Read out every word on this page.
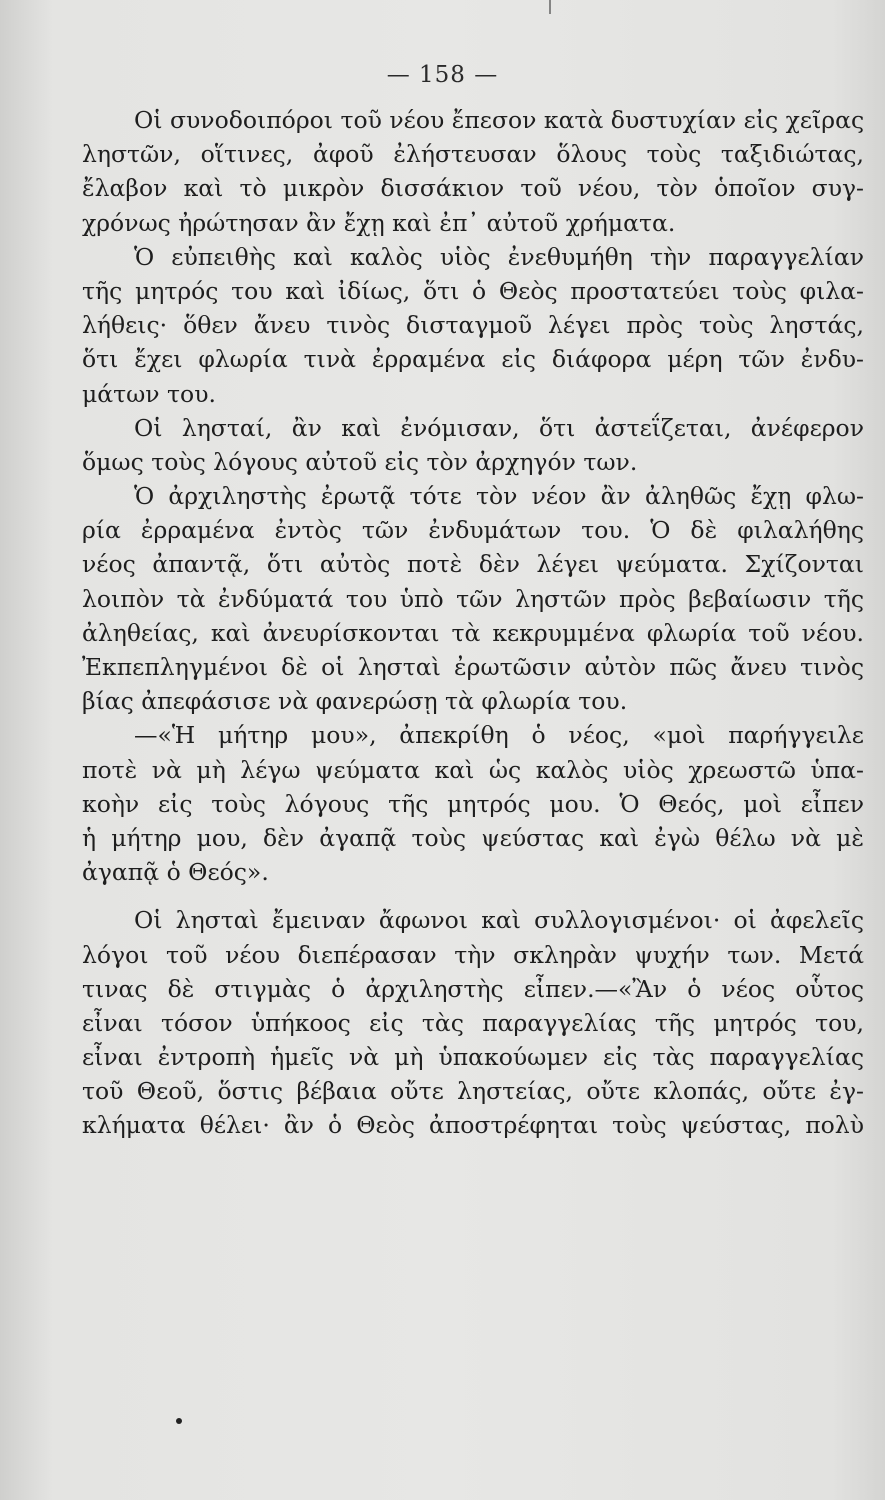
— 158 —
Οἱ συνοδοιπόροι τοῦ νέου ἔπεσον κατὰ δυστυχίαν εἰς χεῖρας
ληστῶν, οἵτινες, ἀφοῦ ἐλήστευσαν ὅλους τοὺς ταξιδιώτας,
ἔλαβον καὶ τὸ μικρὸν δισσάκιον τοῦ νέου, τὸν ὁποῖον συγ-
χρόνως ἠρώτησαν ἂν ἔχῃ καὶ ἐπ᾽ αὐτοῦ χρήματα.
Ὁ εὐπειθὴς καὶ καλὸς υἱὸς ἐνεθυμήθη τὴν παραγγελίαν
τῆς μητρός του καὶ ἰδίως, ὅτι ὁ Θεὸς προστατεύει τοὺς φιλα-
λήθεις· ὅθεν ἄνευ τινὸς δισταγμοῦ λέγει πρὸς τοὺς ληστάς,
ὅτι ἔχει φλωρία τινὰ ἐρραμένα εἰς διάφορα μέρη τῶν ἐνδυ-
μάτων του.
Οἱ λησταί, ἂν καὶ ἐνόμισαν, ὅτι ἀστεΐζεται, ἀνέφερον
ὅμως τοὺς λόγους αὐτοῦ εἰς τὸν ἀρχηγόν των.
Ὁ ἀρχιληστὴς ἐρωτᾷ τότε τὸν νέον ἂν ἀληθῶς ἔχῃ φλω-
ρία ἐρραμένα ἐντὸς τῶν ἐνδυμάτων του. Ὁ δὲ φιλαλήθης
νέος ἀπαντᾷ, ὅτι αὐτὸς ποτὲ δὲν λέγει ψεύματα. Σχίζονται
λοιπὸν τὰ ἐνδύματά του ὑπὸ τῶν ληστῶν πρὸς βεβαίωσιν τῆς
ἀληθείας, καὶ ἀνευρίσκονται τὰ κεκρυμμένα φλωρία τοῦ νέου.
Ἐκπεπληγμένοι δὲ οἱ λησταὶ ἐρωτῶσιν αὐτὸν πῶς ἄνευ τινὸς
βίας ἀπεφάσισε νὰ φανερώσῃ τὰ φλωρία του.
—«Ἡ μήτηρ μου», ἀπεκρίθη ὁ νέος, «μοὶ παρήγγειλε
ποτὲ νὰ μὴ λέγω ψεύματα καὶ ὡς καλὸς υἱὸς χρεωστῶ ὑπα-
κοὴν εἰς τοὺς λόγους τῆς μητρός μου. Ὁ Θεός, μοὶ εἶπεν
ἡ μήτηρ μου, δὲν ἀγαπᾷ τοὺς ψεύστας καὶ ἐγὼ θέλω νὰ μὲ
ἀγαπᾷ ὁ Θεός».
Οἱ λησταὶ ἔμειναν ἄφωνοι καὶ συλλογισμένοι· οἱ ἀφελεῖς
λόγοι τοῦ νέου διεπέρασαν τὴν σκληρὰν ψυχήν των. Μετά
τινας δὲ στιγμὰς ὁ ἀρχιληστὴς εἶπεν.—«Ἂν ὁ νέος οὗτος
εἶναι τόσον ὑπήκοος εἰς τὰς παραγγελίας τῆς μητρός του,
εἶναι ἐντροπὴ ἡμεῖς νὰ μὴ ὑπακούωμεν εἰς τὰς παραγγελίας
τοῦ Θεοῦ, ὅστις βέβαια οὔτε ληστείας, οὔτε κλοπάς, οὔτε ἐγ-
κλήματα θέλει· ἂν ὁ Θεὸς ἀποστρέφηται τοὺς ψεύστας, πολὺ
